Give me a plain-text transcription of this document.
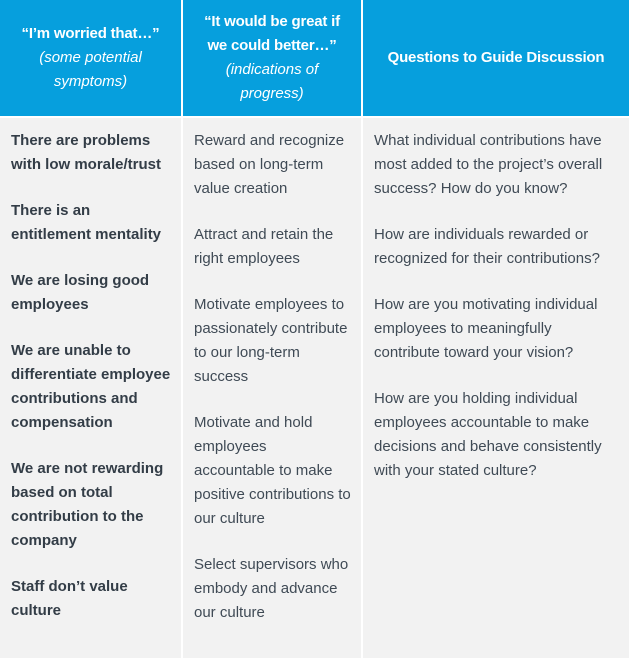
“I’m worried that…”
(some potential symptoms)
“It would be great if we could better…”
(indications of progress)
Questions to Guide Discussion
There are problems with low morale/trust
There is an entitlement mentality
We are losing good employees
We are unable to differentiate employee contributions and compensation
We are not rewarding based on total contribution to the company
Staff don’t value culture
Reward and recognize based on long-term value creation
Attract and retain the right employees
Motivate employees to passionately contribute to our long-term success
Motivate and hold employees accountable to make positive contributions to our culture
Select supervisors who embody and advance our culture
What individual contributions have most added to the project’s overall success? How do you know?
How are individuals rewarded or recognized for their contributions?
How are you motivating individual employees to meaningfully contribute toward your vision?
How are you holding individual employees accountable to make decisions and behave consistently with your stated culture?
